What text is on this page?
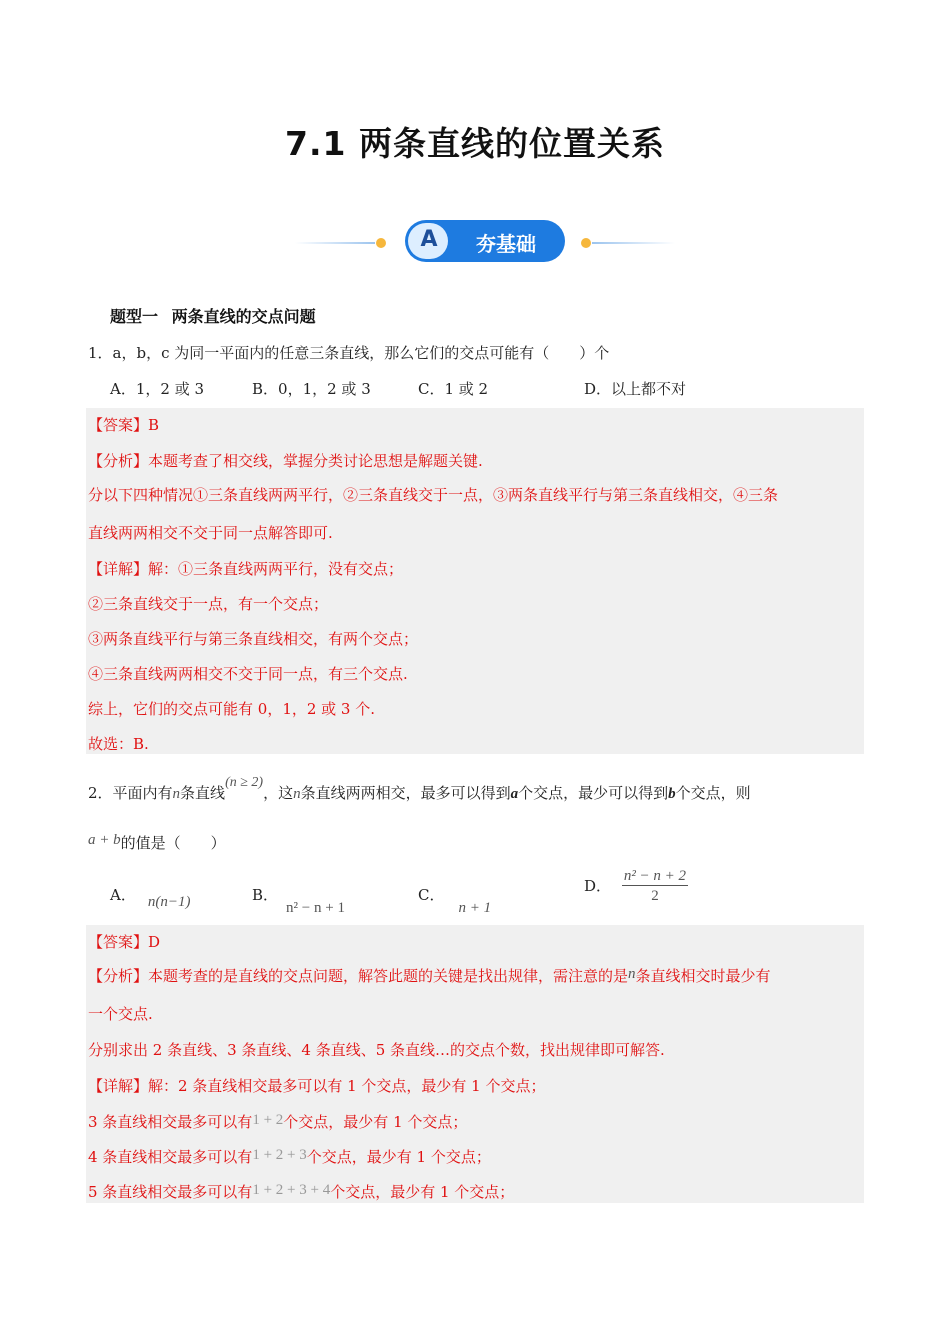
7.1 两条直线的位置关系
A	夯基础
题型一 两条直线的交点问题
1．a，b，c 为同一平面内的任意三条直线，那么它们的交点可能有（　　）个
A．1，2 或 3	B．0，1，2 或 3	C．1 或 2	D．以上都不对
【答案】B
【分析】本题考查了相交线，掌握分类讨论思想是解题关键.
分以下四种情况①三条直线两两平行，②三条直线交于一点，③两条直线平行与第三条直线相交，④三条
直线两两相交不交于同一点解答即可.
【详解】解：①三条直线两两平行，没有交点；
②三条直线交于一点，有一个交点；
③两条直线平行与第三条直线相交，有两个交点；
④三条直线两两相交不交于同一点，有三个交点.
综上，它们的交点可能有 0，1，2 或 3 个.
故选：B.
2．平面内有n条直线(n ≥ 2)，这n条直线两两相交，最多可以得到a个交点，最少可以得到b个交点，则
a + b的值是（　　）
A． n(n−1)	B．n² − n + 1
C．n + 1
D． $\frac{\text{n² − n + 2}}{2}$
【答案】D
【分析】本题考查的是直线的交点问题，解答此题的关键是找出规律，需注意的是n条直线相交时最少有
一个交点.
分别求出 2 条直线、3 条直线、4 条直线、5 条直线…的交点个数，找出规律即可解答.
【详解】解：2 条直线相交最多可以有 1 个交点，最少有 1 个交点；
3 条直线相交最多可以有1 + 2个交点，最少有 1 个交点；
4 条直线相交最多可以有1 + 2 + 3个交点，最少有 1 个交点；
5 条直线相交最多可以有1 + 2 + 3 + 4个交点，最少有 1 个交点；
